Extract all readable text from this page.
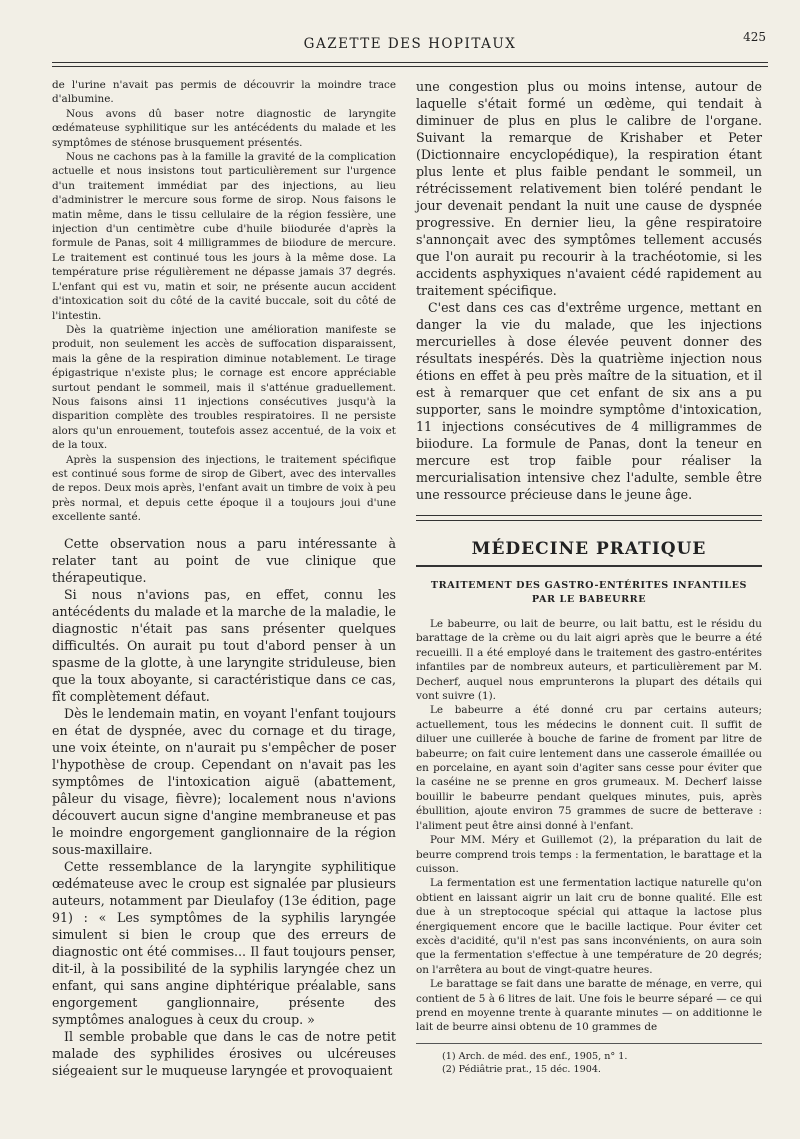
GAZETTE DES HOPITAUX	425

de l'urine n'avait pas permis de découvrir la moindre trace d'albumine.

Nous avons dû baser notre diagnostic de laryngite œdémateuse syphilitique sur les antécédents du malade et les symptômes de sténose brusquement présentés.

Nous ne cachons pas à la famille la gravité de la complication actuelle et nous insistons tout particulièrement sur l'urgence d'un traitement immédiat par des injections, au lieu d'administrer le mercure sous forme de sirop. Nous faisons le matin même, dans le tissu cellulaire de la région fessière, une injection d'un centimètre cube d'huile biiodurée d'après la formule de Panas, soit 4 milligrammes de biiodure de mercure. Le traitement est continué tous les jours à la même dose. La température prise régulièrement ne dépasse jamais 37 degrés. L'enfant qui est vu, matin et soir, ne présente aucun accident d'intoxication soit du côté de la cavité buccale, soit du côté de l'intestin.

Dès la quatrième injection une amélioration manifeste se produit, non seulement les accès de suffocation disparaissent, mais la gêne de la respiration diminue notablement. Le tirage épigastrique n'existe plus; le cornage est encore appréciable surtout pendant le sommeil, mais il s'atténue graduellement. Nous faisons ainsi 11 injections consécutives jusqu'à la disparition complète des troubles respiratoires. Il ne persiste alors qu'un enrouement, toutefois assez accentué, de la voix et de la toux.

Après la suspension des injections, le traitement spécifique est continué sous forme de sirop de Gibert, avec des intervalles de repos. Deux mois après, l'enfant avait un timbre de voix à peu près normal, et depuis cette époque il a toujours joui d'une excellente santé.

Cette observation nous a paru intéressante à relater tant au point de vue clinique que thérapeutique.

Si nous n'avions pas, en effet, connu les antécédents du malade et la marche de la maladie, le diagnostic n'était pas sans présenter quelques difficultés. On aurait pu tout d'abord penser à un spasme de la glotte, à une laryngite striduleuse, bien que la toux aboyante, si caractéristique dans ce cas, fît complètement défaut.

Dès le lendemain matin, en voyant l'enfant toujours en état de dyspnée, avec du cornage et du tirage, une voix éteinte, on n'aurait pu s'empêcher de poser l'hypothèse de croup. Cependant on n'avait pas les symptômes de l'intoxication aiguë (abattement, pâleur du visage, fièvre); localement nous n'avions découvert aucun signe d'angine membraneuse et pas le moindre engorgement ganglionnaire de la région sous-maxillaire.

Cette ressemblance de la laryngite syphilitique œdémateuse avec le croup est signalée par plusieurs auteurs, notamment par Dieulafoy (13e édition, page 91) : « Les symptômes de la syphilis laryngée simulent si bien le croup que des erreurs de diagnostic ont été commises... Il faut toujours penser, dit-il, à la possibilité de la syphilis laryngée chez un enfant, qui sans angine diphtérique préalable, sans engorgement ganglionnaire, présente des symptômes analogues à ceux du croup. »

Il semble probable que dans le cas de notre petit malade des syphilides érosives ou ulcéreuses siégeaient sur le muqueuse laryngée et provoquaient

une congestion plus ou moins intense, autour de laquelle s'était formé un œdème, qui tendait à diminuer de plus en plus le calibre de l'organe. Suivant la remarque de Krishaber et Peter (Dictionnaire encyclopédique), la respiration étant plus lente et plus faible pendant le sommeil, un rétrécissement relativement bien toléré pendant le jour devenait pendant la nuit une cause de dyspnée progressive. En dernier lieu, la gêne respiratoire s'annonçait avec des symptômes tellement accusés que l'on aurait pu recourir à la trachéotomie, si les accidents asphyxiques n'avaient cédé rapidement au traitement spécifique.

C'est dans ces cas d'extrême urgence, mettant en danger la vie du malade, que les injections mercurielles à dose élevée peuvent donner des résultats inespérés. Dès la quatrième injection nous étions en effet à peu près maître de la situation, et il est à remarquer que cet enfant de six ans a pu supporter, sans le moindre symptôme d'intoxication, 11 injections consécutives de 4 milligrammes de biiodure. La formule de Panas, dont la teneur en mercure est trop faible pour réaliser la mercurialisation intensive chez l'adulte, semble être une ressource précieuse dans le jeune âge.

MÉDECINE PRATIQUE
TRAITEMENT DES GASTRO-ENTÉRITES INFANTILES
PAR LE BABEURRE

Le babeurre, ou lait de beurre, ou lait battu, est le résidu du barattage de la crème ou du lait aigri après que le beurre a été recueilli. Il a été employé dans le traitement des gastro-entérites infantiles par de nombreux auteurs, et particulièrement par M. Decherf, auquel nous emprunterons la plupart des détails qui vont suivre (1).

Le babeurre a été donné cru par certains auteurs; actuellement, tous les médecins le donnent cuit. Il suffit de diluer une cuillerée à bouche de farine de froment par litre de babeurre; on fait cuire lentement dans une casserole émaillée ou en porcelaine, en ayant soin d'agiter sans cesse pour éviter que la caséine ne se prenne en gros grumeaux. M. Decherf laisse bouillir le babeurre pendant quelques minutes, puis, après ébullition, ajoute environ 75 grammes de sucre de betterave : l'aliment peut être ainsi donné à l'enfant.

Pour MM. Méry et Guillemot (2), la préparation du lait de beurre comprend trois temps : la fermentation, le barattage et la cuisson.

La fermentation est une fermentation lactique naturelle qu'on obtient en laissant aigrir un lait cru de bonne qualité. Elle est due à un streptocoque spécial qui attaque la lactose plus énergiquement encore que le bacille lactique. Pour éviter cet excès d'acidité, qu'il n'est pas sans inconvénients, on aura soin que la fermentation s'effectue à une température de 20 degrés; on l'arrêtera au bout de vingt-quatre heures.

Le barattage se fait dans une baratte de ménage, en verre, qui contient de 5 à 6 litres de lait. Une fois le beurre séparé — ce qui prend en moyenne trente à quarante minutes — on additionne le lait de beurre ainsi obtenu de 10 grammes de

(1) Arch. de méd. des enf., 1905, n° 1.

(2) Pédiâtrie prat., 15 déc. 1904.
